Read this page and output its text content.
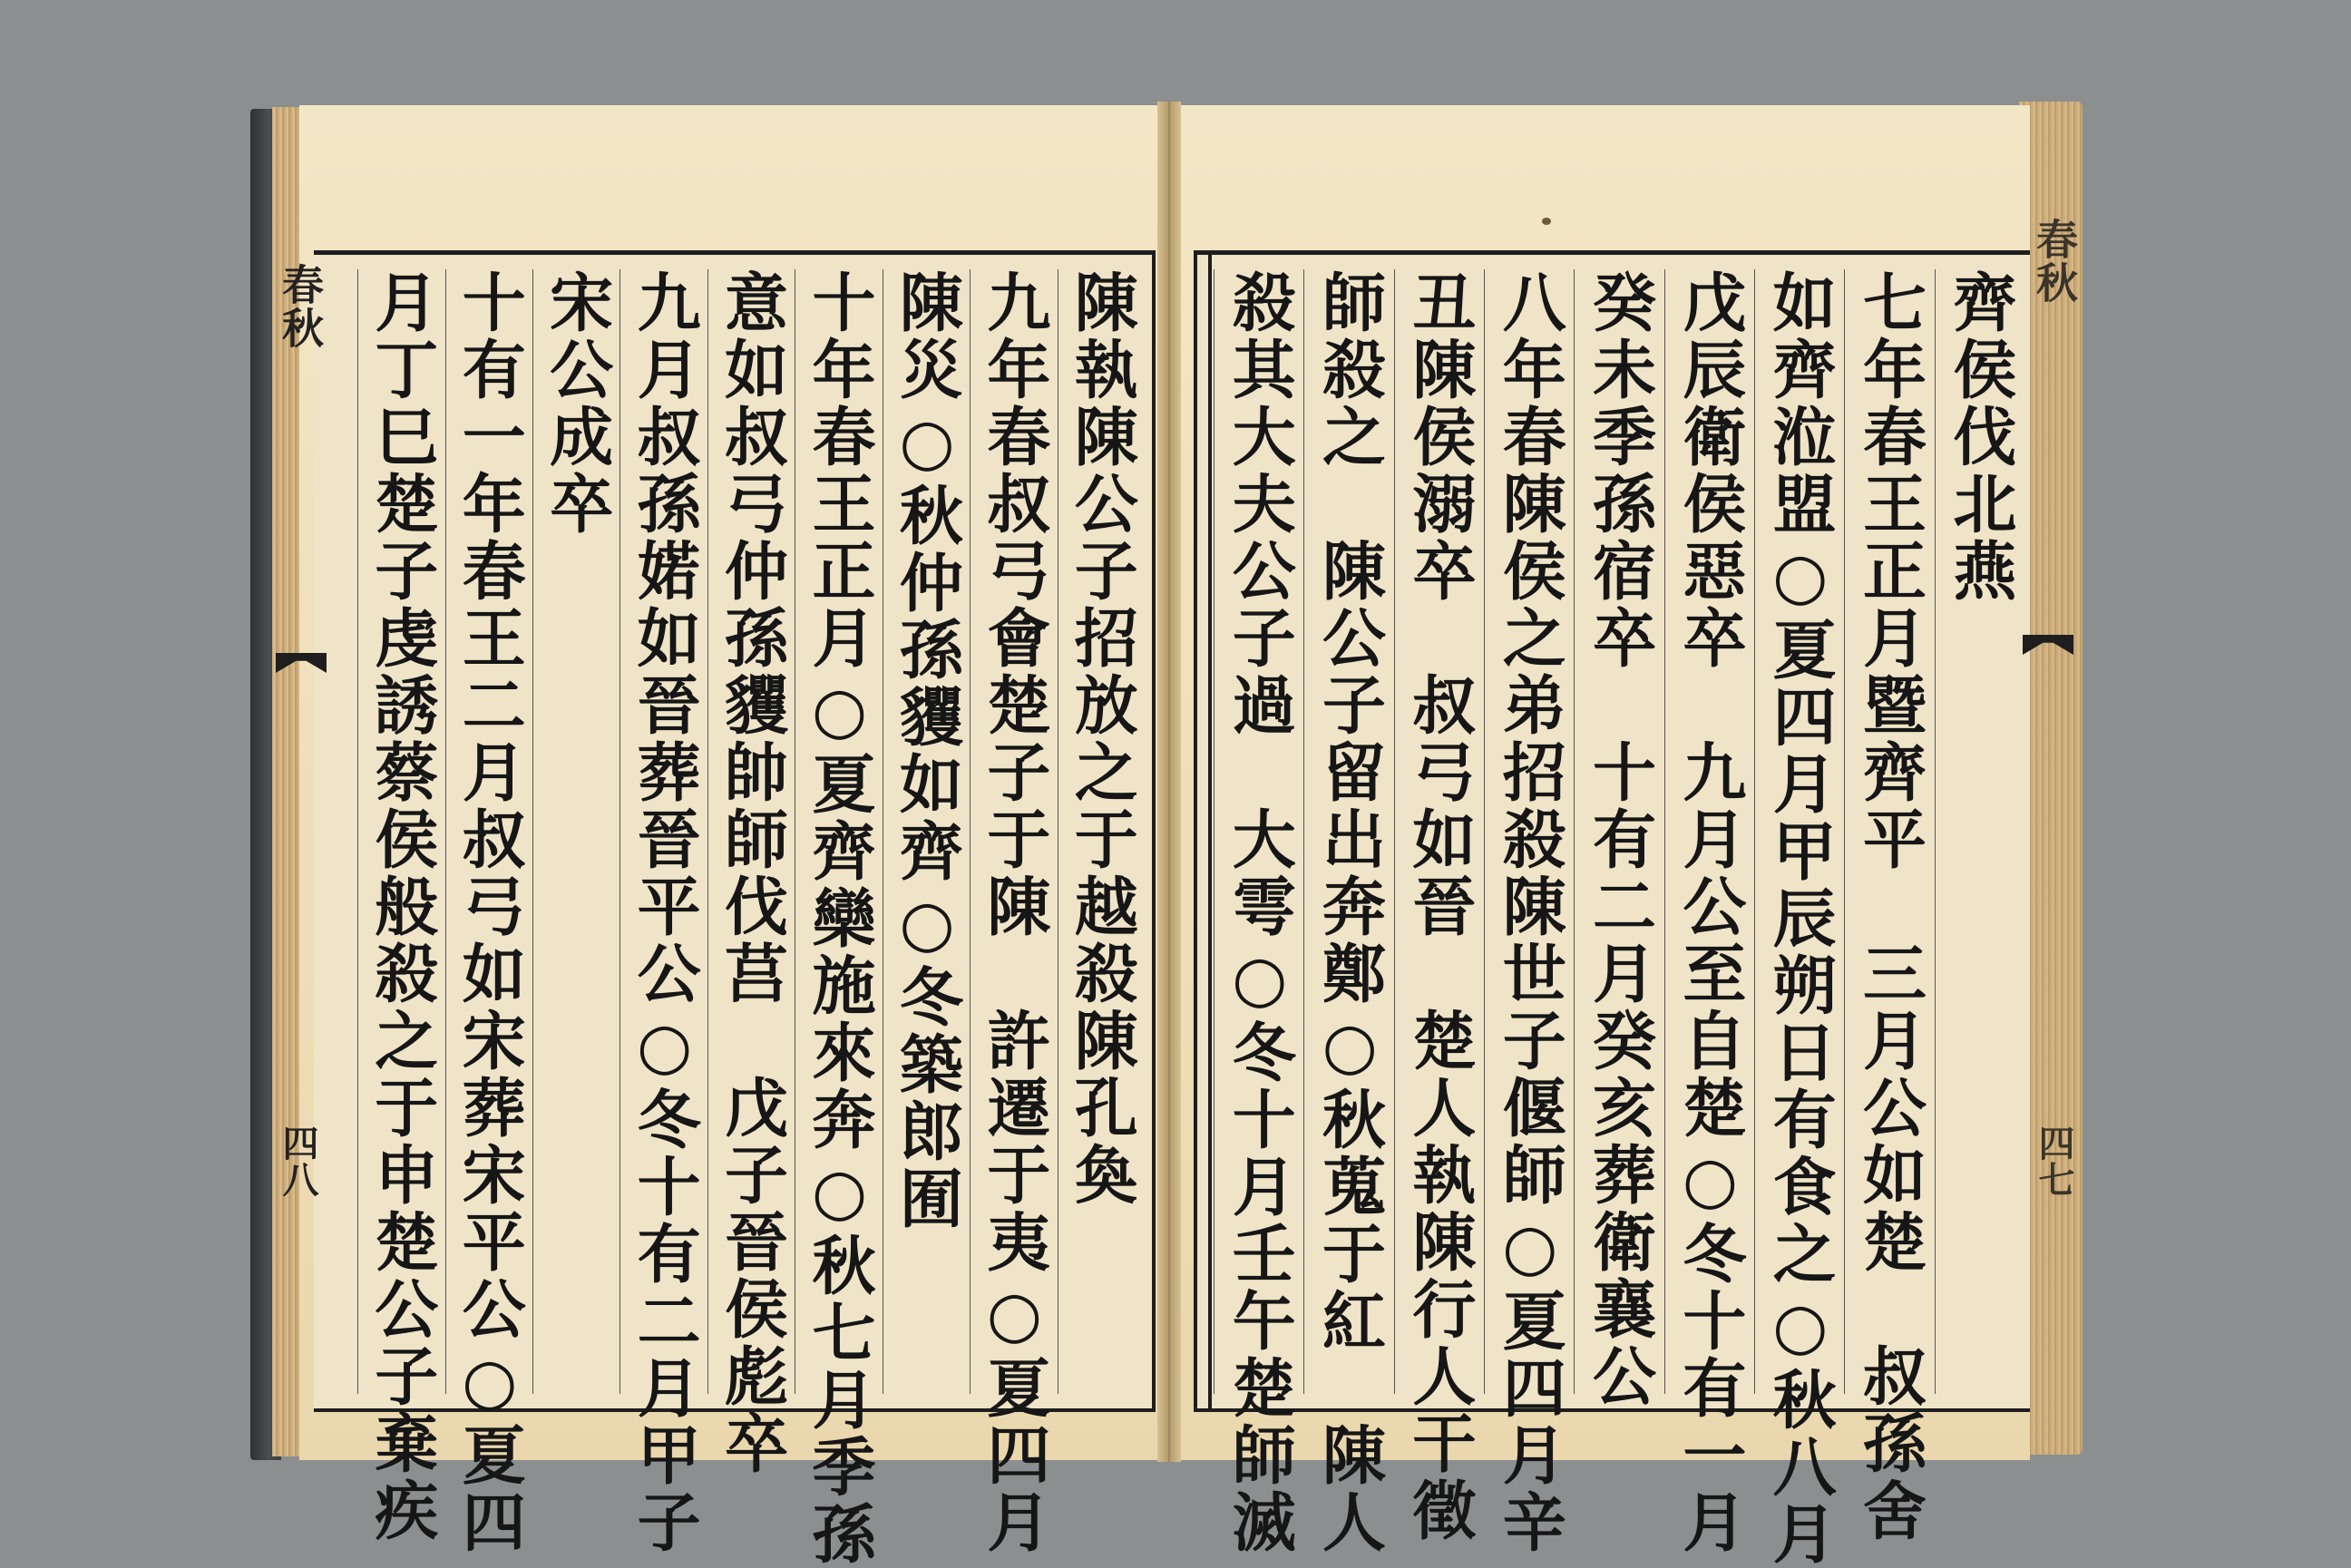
陳執陳公子招放之于越殺陳孔奐
九年春叔弓會楚子于陳　許遷于夷○夏四月
陳災○秋仲孫貜如齊○冬築郎囿
十年春王正月○夏齊欒施來奔○秋七月季孫
意如叔弓仲孫貜帥師伐莒　戊子晉侯彪卒
九月叔孫婼如晉葬晉平公○冬十有二月甲子
宋公成卒
十有一年春王二月叔弓如宋葬宋平公○夏四
月丁巳楚子虔誘蔡侯般殺之于申楚公子棄疾	齊侯伐北燕
七年春王正月暨齊平　三月公如楚　叔孫舍
如齊涖盟○夏四月甲辰朔日有食之○秋八月
戊辰衛侯惡卒　九月公至自楚○冬十有一月
癸未季孫宿卒　十有二月癸亥葬衛襄公
八年春陳侯之弟招殺陳世子偃師○夏四月辛
丑陳侯溺卒　叔弓如晉　楚人執陳行人干徵
師殺之　陳公子留出奔鄭○秋蒐于紅　陳人
殺其大夫公子過　大雩○冬十月壬午楚師滅
春秋
春秋
四八	四七
